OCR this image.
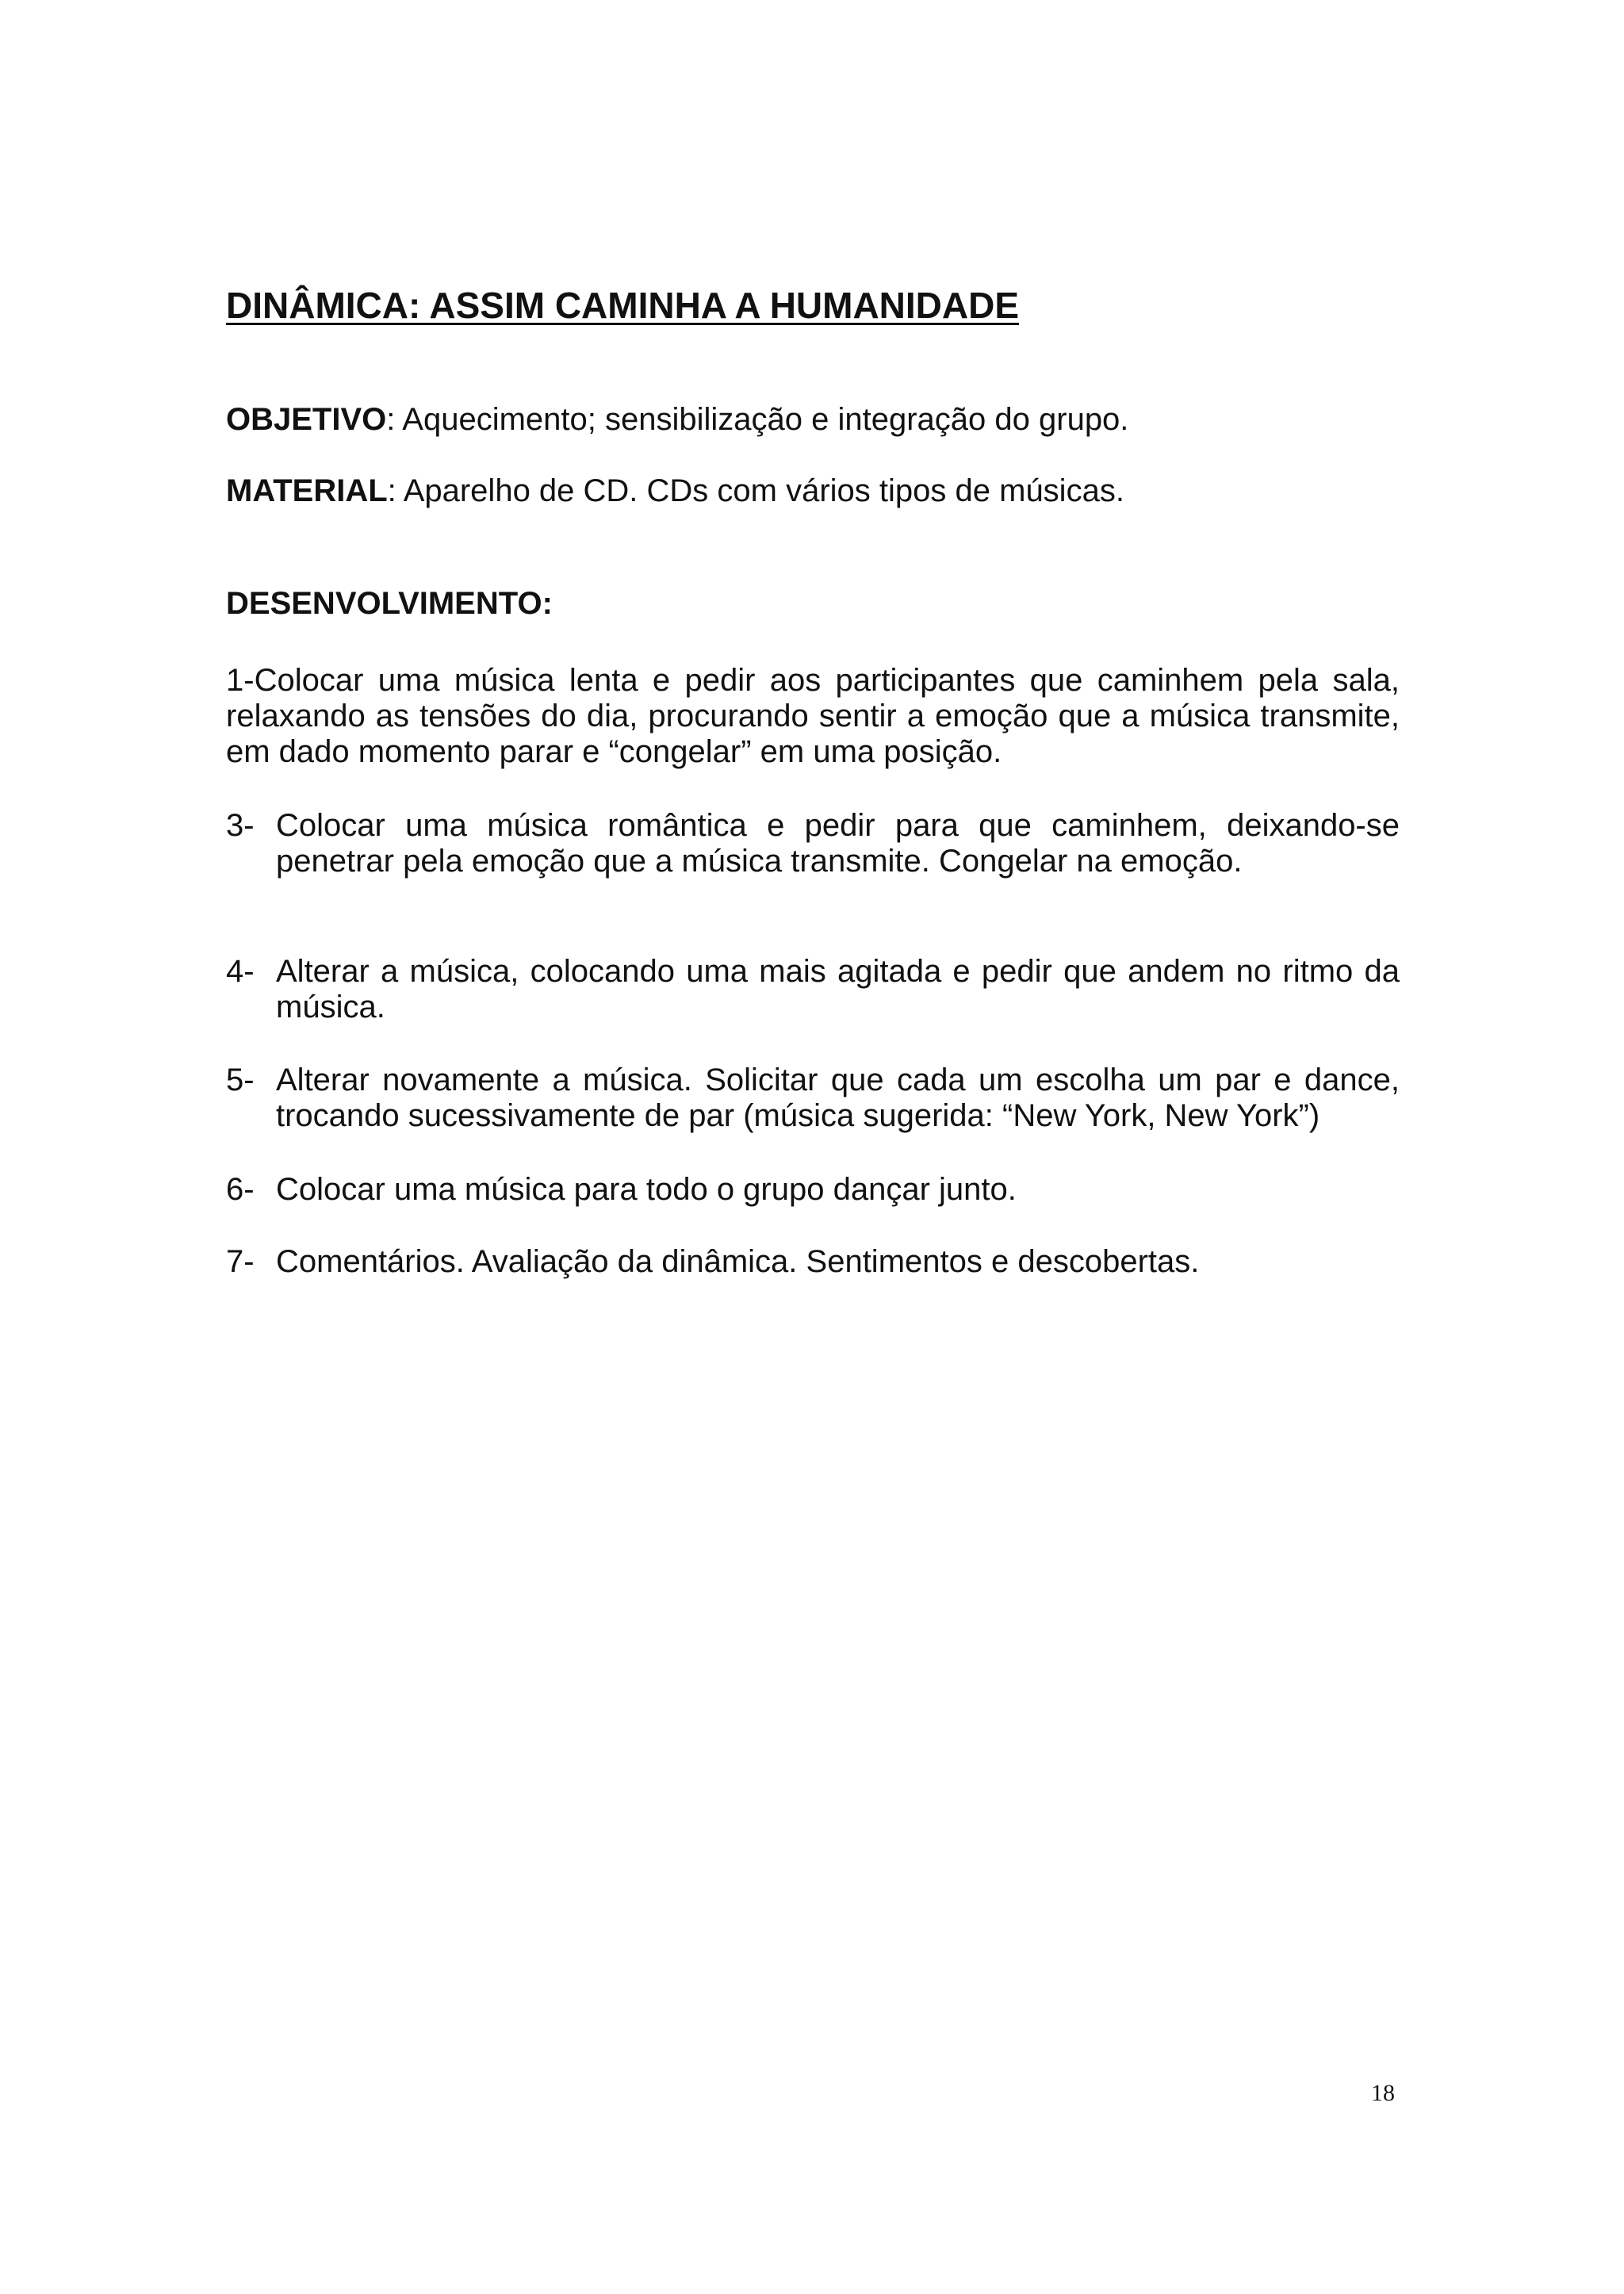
DINÂMICA: ASSIM CAMINHA A HUMANIDADE
OBJETIVO: Aquecimento; sensibilização e integração do grupo.
MATERIAL: Aparelho de CD. CDs com vários tipos de músicas.
DESENVOLVIMENTO:
1-Colocar uma música lenta e pedir aos participantes que caminhem pela sala, relaxando as tensões do dia, procurando sentir a emoção que a música transmite, em dado momento parar e “congelar” em uma posição.
3- Colocar uma música romântica e pedir para que caminhem, deixando-se penetrar pela emoção que a música transmite. Congelar na emoção.
4- Alterar a música, colocando uma mais agitada e pedir que andem no ritmo da música.
5- Alterar novamente a música. Solicitar que cada um escolha um par e dance, trocando sucessivamente de par (música sugerida: “New York, New York”)
6- Colocar uma música para todo o grupo dançar junto.
7- Comentários. Avaliação da dinâmica. Sentimentos e descobertas.
18
